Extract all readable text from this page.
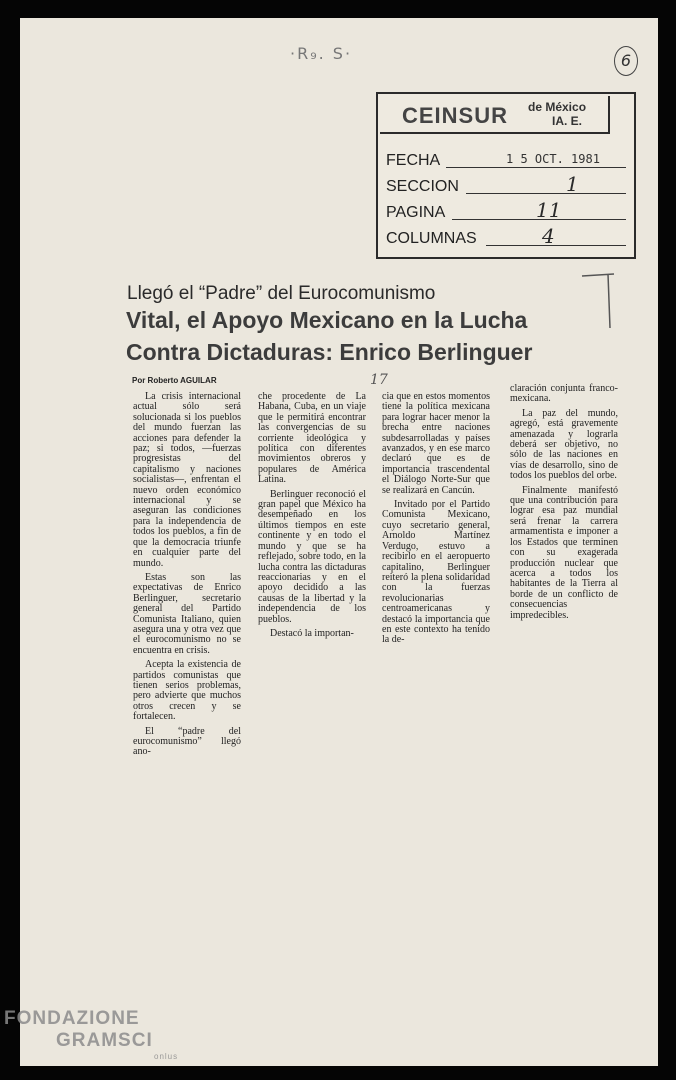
·R₉. S·	6
CEINSUR de México
IA. E.
FECHA	1 5 OCT. 1981
SECCION	1
PAGINA	11
COLUMNAS	4
Llegó el “Padre” del Eurocomunismo
Vital, el Apoyo Mexicano en la Lucha
Contra Dictaduras: Enrico Berlinguer
Por Roberto AGUILAR	17

La crisis internacional actual sólo será solucionada si los pueblos del mundo fuerzan las acciones para defender la paz; si todos, —fuerzas progresistas del capitalismo y naciones socialistas—, enfrentan el nuevo orden económico internacional y se aseguran las condiciones para la independencia de todos los pueblos, a fin de que la democracia triunfe en cualquier parte del mundo.

Estas son las expectativas de Enrico Berlinguer, secretario general del Partido Comunista Italiano, quien asegura una y otra vez que el eurocomunismo no se encuentra en crisis.

Acepta la existencia de partidos comunistas que tienen serios problemas, pero advierte que muchos otros crecen y se fortalecen.

El “padre del eurocomunismo” llegó ano-

che procedente de La Habana, Cuba, en un viaje que le permitirá encontrar las convergencias de su corriente ideológica y política con diferentes movimientos obreros y populares de América Latina.

Berlinguer reconoció el gran papel que México ha desempeñado en los últimos tiempos en este continente y en todo el mundo y que se ha reflejado, sobre todo, en la lucha contra las dictaduras reaccionarias y en el apoyo decidido a las causas de la libertad y la independencia de los pueblos.

Destacó la importan-

cia que en estos momentos tiene la política mexicana para lograr hacer menor la brecha entre naciones subdesarrolladas y países avanzados, y en ese marco declaró que es de importancia trascendental el Diálogo Norte-Sur que se realizará en Cancún.

Invitado por el Partido Comunista Mexicano, cuyo secretario general, Arnoldo Martínez Verdugo, estuvo a recibirlo en el aeropuerto capitalino, Berlinguer reiteró la plena solidaridad con la fuerzas revolucionarias centroamericanas y destacó la importancia que en este contexto ha tenido la de-

claración conjunta franco-mexicana.

La paz del mundo, agregó, está gravemente amenazada y lograrla deberá ser objetivo, no sólo de las naciones en vías de desarrollo, sino de todos los pueblos del orbe.

Finalmente manifestó que una contribución para lograr esa paz mundial será frenar la carrera armamentista e imponer a los Estados que terminen con su exagerada producción nuclear que acerca a todos los habitantes de la Tierra al borde de un conflicto de consecuencias impredecibles.

FONDAZIONE
GRAMSCI
onlus
